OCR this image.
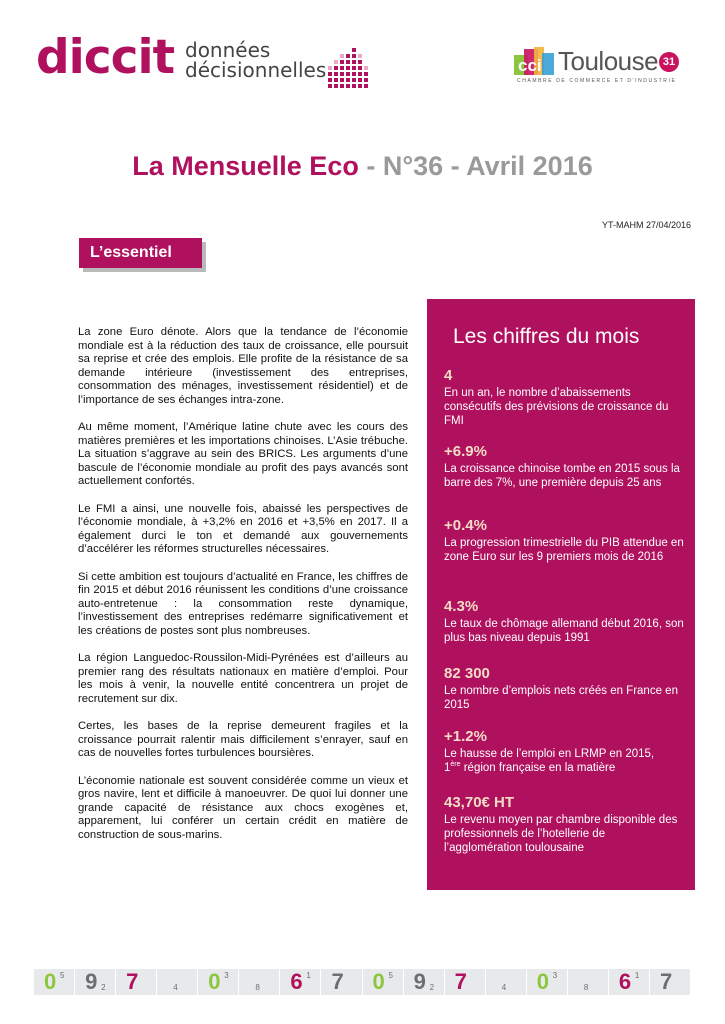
diccit données
décisionnelles	cci Toulouse 31
CHAMBRE DE COMMERCE ET D'INDUSTRIE
La Mensuelle Eco - N°36 - Avril 2016
YT-MAHM 27/04/2016
L’essentiel

La zone Euro dénote. Alors que la tendance de l’économie mondiale est à la réduction des taux de croissance, elle poursuit sa reprise et crée des emplois. Elle profite de la résistance de sa demande intérieure (investissement des entreprises, consommation des ménages, investissement résidentiel) et de l’importance de ses échanges intra-zone.

Au même moment, l’Amérique latine chute avec les cours des matières premières et les importations chinoises. L’Asie trébuche. La situation s’aggrave au sein des BRICS. Les arguments d’une bascule de l’économie mondiale au profit des pays avancés sont actuellement confortés.

Le FMI a ainsi, une nouvelle fois, abaissé les perspectives de l’économie mondiale, à +3,2% en 2016 et +3,5% en 2017. Il a également durci le ton et demandé aux gouvernements d’accélérer les réformes structurelles nécessaires.

Si cette ambition est toujours d’actualité en France, les chiffres de fin 2015 et début 2016 réunissent les conditions d’une croissance auto-entretenue : la consommation reste dynamique, l’investissement des entreprises redémarre significativement et les créations de postes sont plus nombreuses.

La région Languedoc-Roussilon-Midi-Pyrénées est d’ailleurs au premier rang des résultats nationaux en matière d’emploi. Pour les mois à venir, la nouvelle entité concentrera un projet de recrutement sur dix.

Certes, les bases de la reprise demeurent fragiles et la croissance pourrait ralentir mais difficilement s’enrayer, sauf en cas de nouvelles fortes turbulences boursières.

L’économie nationale est souvent considérée comme un vieux et gros navire, lent et difficile à manoeuvrer. De quoi lui donner une grande capacité de résistance aux chocs exogènes et, apparement, lui conférer un certain crédit en matière de construction de sous-marins.

Les chiffres du mois
4
En un an, le nombre d’abaissements consécutifs des prévisions de croissance du FMI
+6.9%
La croissance chinoise tombe en 2015 sous la barre des 7%, une première depuis 25 ans
+0.4%
La progression trimestrielle du PIB attendue en zone Euro sur les 9 premiers mois de 2016
4.3%
Le taux de chômage allemand début 2016, son plus bas niveau depuis 1991
82 300
Le nombre d’emplois nets créés en France en 2015
+1.2%
Le hausse de l’emploi en LRMP en 2015,
1ère région française en la matière
43,70€ HT
Le revenu moyen par chambre disponible des professionnels de l’hotellerie de l’agglomération toulousaine
0 5 9 2 7	4 0 3
8 6 1 7 0 5 9 2 7	4 0 3
8 6 1 7
